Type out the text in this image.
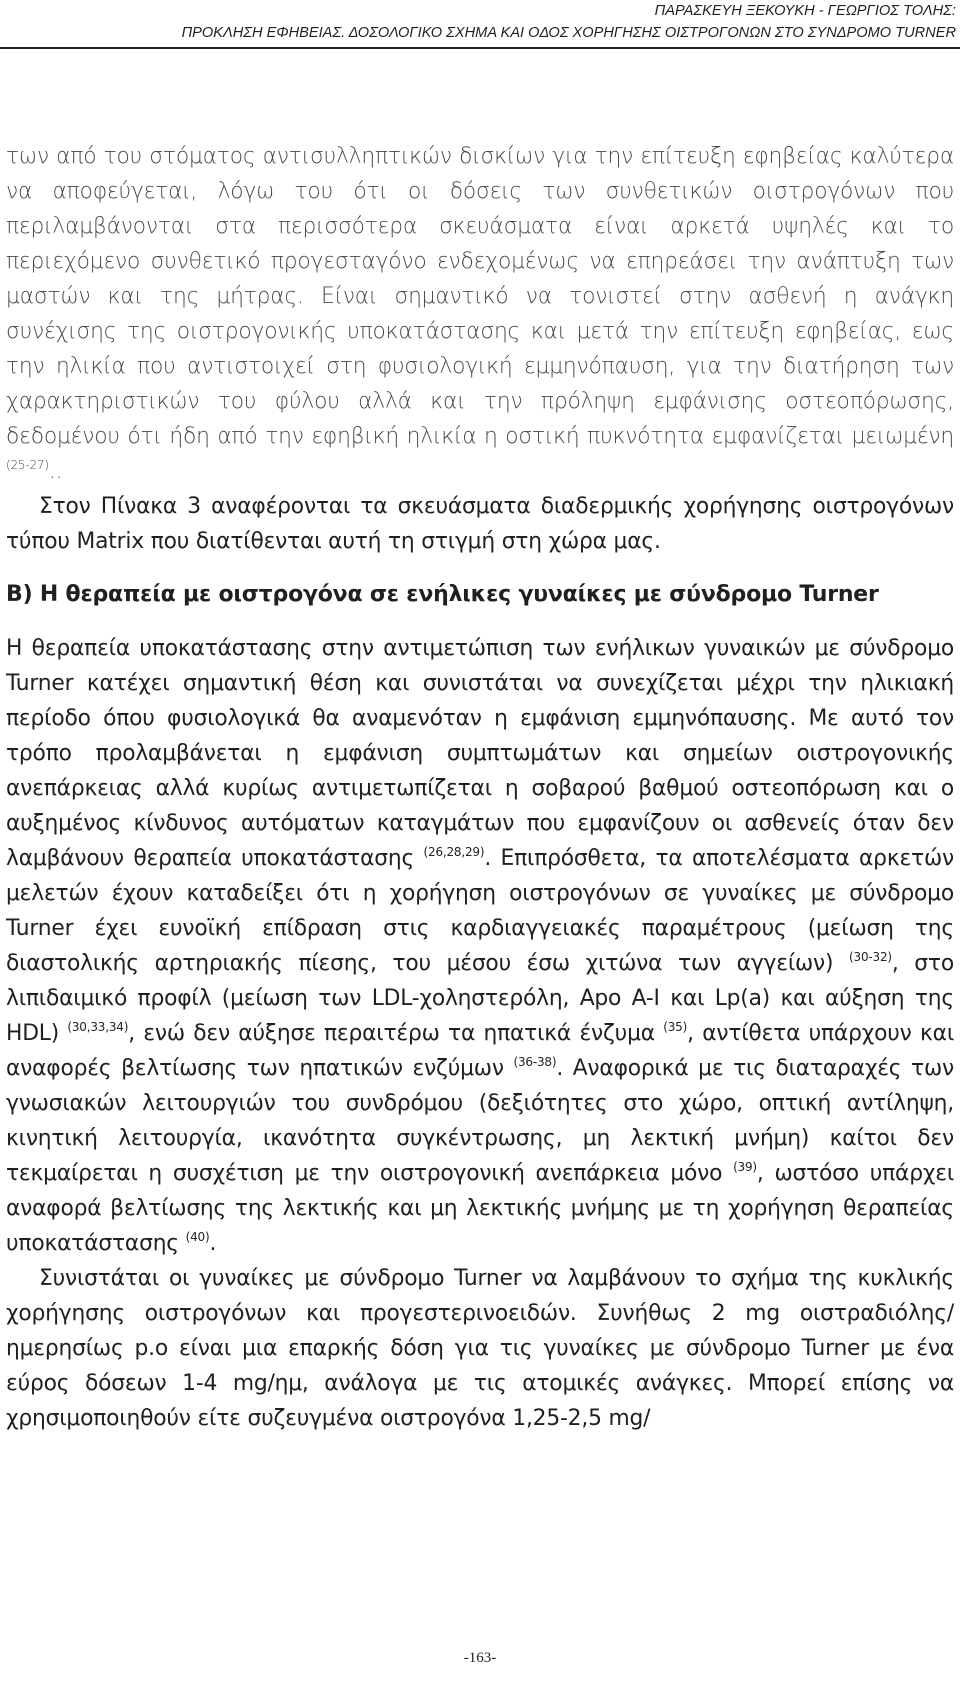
ΠΑΡΑΣΚΕΥΗ ΞΕΚΟΥΚΗ - ΓΕΩΡΓΙΟΣ ΤΟΛΗΣ:
ΠΡΟΚΛΗΣΗ ΕΦΗΒΕΙΑΣ. ΔΟΣΟΛΟΓΙΚΟ ΣΧΗΜΑ ΚΑΙ ΟΔΟΣ ΧΟΡΗΓΗΣΗΣ ΟΙΣΤΡΟΓΟΝΩΝ ΣΤΟ ΣΥΝΔΡΟΜΟ TURNER

των από του στόματος αντισυλληπτικών δισκίων για την επίτευξη εφηβείας καλύτερα να αποφεύγεται, λόγω του ότι οι δόσεις των συνθετικών οιστρογόνων που περιλαμβάνονται στα περισσότερα σκευάσματα είναι αρκετά υψηλές και το περιεχόμενο συνθετικό προγεσταγόνο ενδεχομένως να επηρεάσει την ανάπτυξη των μαστών και της μήτρας. Είναι σημαντικό να τονιστεί στην ασθενή η ανάγκη συνέχισης της οιστρογονικής υποκατάστασης και μετά την επίτευξη εφηβείας, εως την ηλικία που αντιστοιχεί στη φυσιολογική εμμηνόπαυση, για την διατήρηση των χαρακτηριστικών του φύλου αλλά και την πρόληψη εμφάνισης οστεοπόρωσης, δεδομένου ότι ήδη από την εφηβική ηλικία η οστική πυκνότητα εμφανίζεται μειωμένη $^{(25-27)}$..

Στον Πίνακα 3 αναφέρονται τα σκευάσματα διαδερμικής χορήγησης οιστρογόνων τύπου Matrix που διατίθενται αυτή τη στιγμή στη χώρα μας.

Β) Η θεραπεία με οιστρογόνα σε ενήλικες γυναίκες με σύνδρομο Turner

Η θεραπεία υποκατάστασης στην αντιμετώπιση των ενήλικων γυναικών με σύνδρομο Turner κατέχει σημαντική θέση και συνιστάται να συνεχίζεται μέχρι την ηλικιακή περίοδο όπου φυσιολογικά θα αναμενόταν η εμφάνιση εμμηνόπαυσης. Με αυτό τον τρόπο προλαμβάνεται η εμφάνιση συμπτωμάτων και σημείων οιστρογονικής ανεπάρκειας αλλά κυρίως αντιμετωπίζεται η σοβαρού βαθμού οστεοπόρωση και ο αυξημένος κίνδυνος αυτόματων καταγμάτων που εμφανίζουν οι ασθενείς όταν δεν λαμβάνουν θεραπεία υποκατάστασης $^{(26,28,29)}$. Επιπρόσθετα, τα αποτελέσματα αρκετών μελετών έχουν καταδείξει ότι η χορήγηση οιστρογόνων σε γυναίκες με σύνδρομο Turner έχει ευνοϊκή επίδραση στις καρδιαγγειακές παραμέτρους (μείωση της διαστολικής αρτηριακής πίεσης, του μέσου έσω χιτώνα των αγγείων) $^{(30-32)}$, στο λιπιδαιμικό προφίλ (μείωση των LDL-χοληστερόλη, Apo A-I και Lp(a) και αύξηση της HDL) $^{(30,33,34)}$, ενώ δεν αύξησε περαιτέρω τα ηπατικά ένζυμα $^{(35)}$, αντίθετα υπάρχουν και αναφορές βελτίωσης των ηπατικών ενζύμων $^{(36-38)}$. Αναφορικά με τις διαταραχές των γνωσιακών λειτουργιών του συνδρόμου (δεξιότητες στο χώρο, οπτική αντίληψη, κινητική λειτουργία, ικανότητα συγκέντρωσης, μη λεκτική μνήμη) καίτοι δεν τεκμαίρεται η συσχέτιση με την οιστρογονική ανεπάρκεια μόνο $^{(39)}$, ωστόσο υπάρχει αναφορά βελτίωσης της λεκτικής και μη λεκτικής μνήμης με τη χορήγηση θεραπείας υποκατάστασης $^{(40)}$.

Συνιστάται οι γυναίκες με σύνδρομο Turner να λαμβάνουν το σχήμα της κυκλικής χορήγησης οιστρογόνων και προγεστερινοειδών. Συνήθως 2 mg οιστραδιόλης/ημερησίως p.o είναι μια επαρκής δόση για τις γυναίκες με σύνδρομο Turner με ένα εύρος δόσεων 1-4 mg/ημ, ανάλογα με τις ατομικές ανάγκες. Μπορεί επίσης να χρησιμοποιηθούν είτε συζευγμένα οιστρογόνα 1,25-2,5 mg/

-163-
